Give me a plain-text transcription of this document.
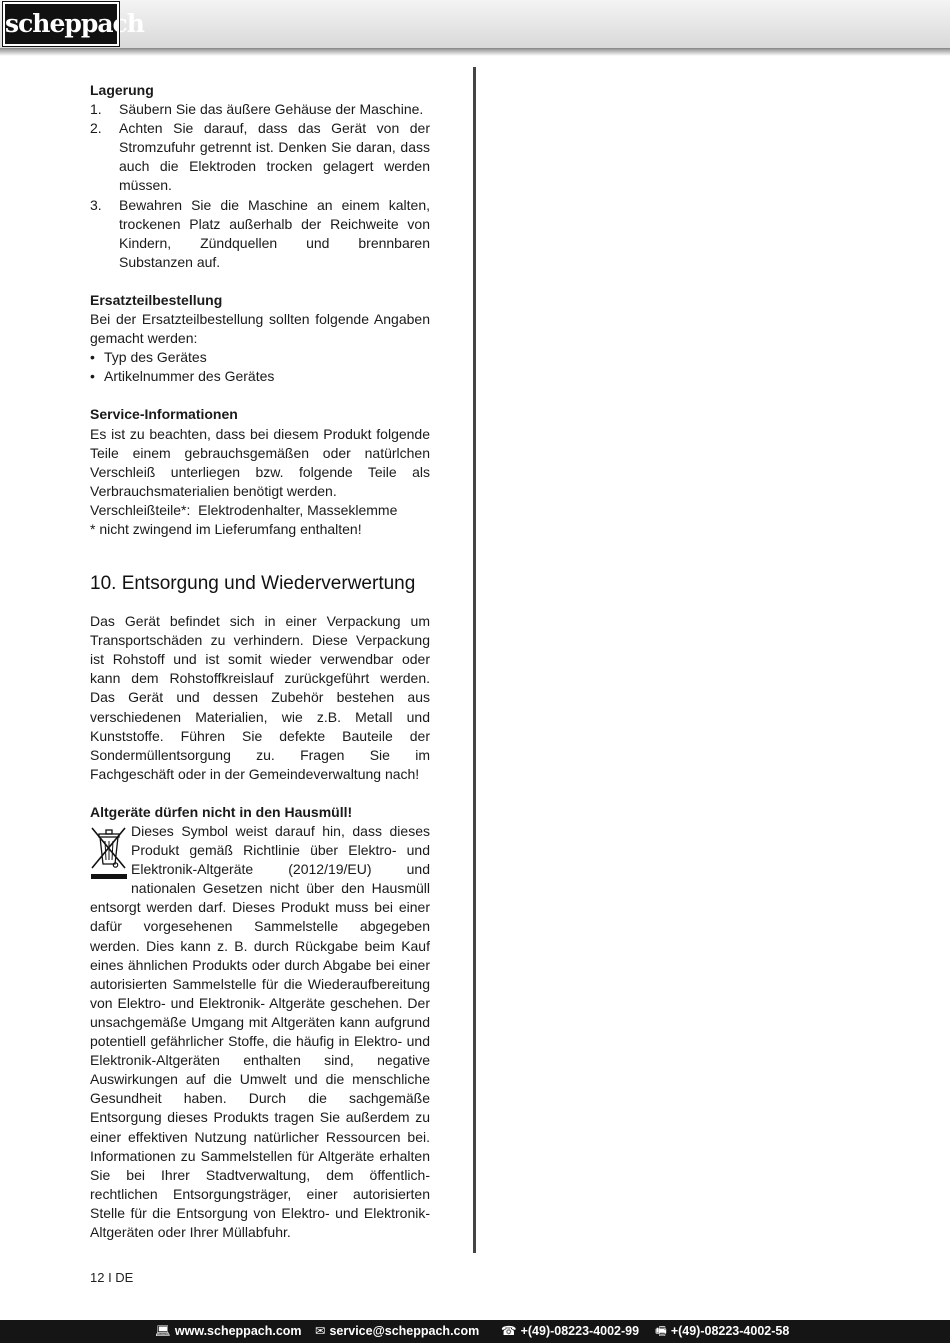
scheppach
Lagerung
1. Säubern Sie das äußere Gehäuse der Maschine.
2. Achten Sie darauf, dass das Gerät von der Stromzufuhr getrennt ist. Denken Sie daran, dass auch die Elektroden trocken gelagert werden müssen.
3. Bewahren Sie die Maschine an einem kalten, trockenen Platz außerhalb der Reichweite von Kindern, Zündquellen und brennbaren Substanzen auf.
Ersatzteilbestellung

Bei der Ersatzteilbestellung sollten folgende Angaben gemacht werden:

• Typ des Gerätes
• Artikelnummer des Gerätes
Service-Informationen

Es ist zu beachten, dass bei diesem Produkt folgende Teile einem gebrauchsgemäßen oder natürlchen Verschleiß unterliegen bzw. folgende Teile als Verbrauchsmaterialien benötigt werden.

Verschleißteile*:  Elektrodenhalter, Masseklemme

* nicht zwingend im Lieferumfang enthalten!

10. Entsorgung und Wiederverwertung

Das Gerät befindet sich in einer Verpackung um Transportschäden zu verhindern. Diese Verpackung ist Rohstoff und ist somit wieder verwendbar oder kann dem Rohstoffkreislauf zurückgeführt werden. Das Gerät und dessen Zubehör bestehen aus verschiedenen Materialien, wie z.B. Metall und Kunststoffe. Führen Sie defekte Bauteile der Sondermüllentsorgung zu. Fragen Sie im Fachgeschäft oder in der Gemeindeverwaltung nach!

Altgeräte dürfen nicht in den Hausmüll!

Dieses Symbol weist darauf hin, dass dieses Produkt gemäß Richtlinie über Elektro- und Elektronik-Altgeräte (2012/19/EU) und nationalen Gesetzen nicht über den Hausmüll entsorgt werden darf. Dieses Produkt muss bei einer dafür vorgesehenen Sammelstelle abgegeben werden. Dies kann z. B. durch Rückgabe beim Kauf eines ähnlichen Produkts oder durch Abgabe bei einer autorisierten Sammelstelle für die Wiederaufbereitung von Elektro- und Elektronik- Altgeräte geschehen. Der unsachgemäße Umgang mit Altgeräten kann aufgrund potentiell gefährlicher Stoffe, die häufig in Elektro- und Elektronik-Altgeräten enthalten sind, negative Auswirkungen auf die Umwelt und die menschliche Gesundheit haben. Durch die sachgemäße Entsorgung dieses Produkts tragen Sie außerdem zu einer effektiven Nutzung natürlicher Ressourcen bei. Informationen zu Sammelstellen für Altgeräte erhalten Sie bei Ihrer Stadtverwaltung, dem öffentlich-rechtlichen Entsorgungsträger, einer autorisierten Stelle für die Entsorgung von Elektro- und Elektronik-Altgeräten oder Ihrer Müllabfuhr.

12 I DE
💻︎ www.scheppach.com ✉︎ service@scheppach.com ☎ +(49)-08223-4002-99 🖷︎ +(49)-08223-4002-58
